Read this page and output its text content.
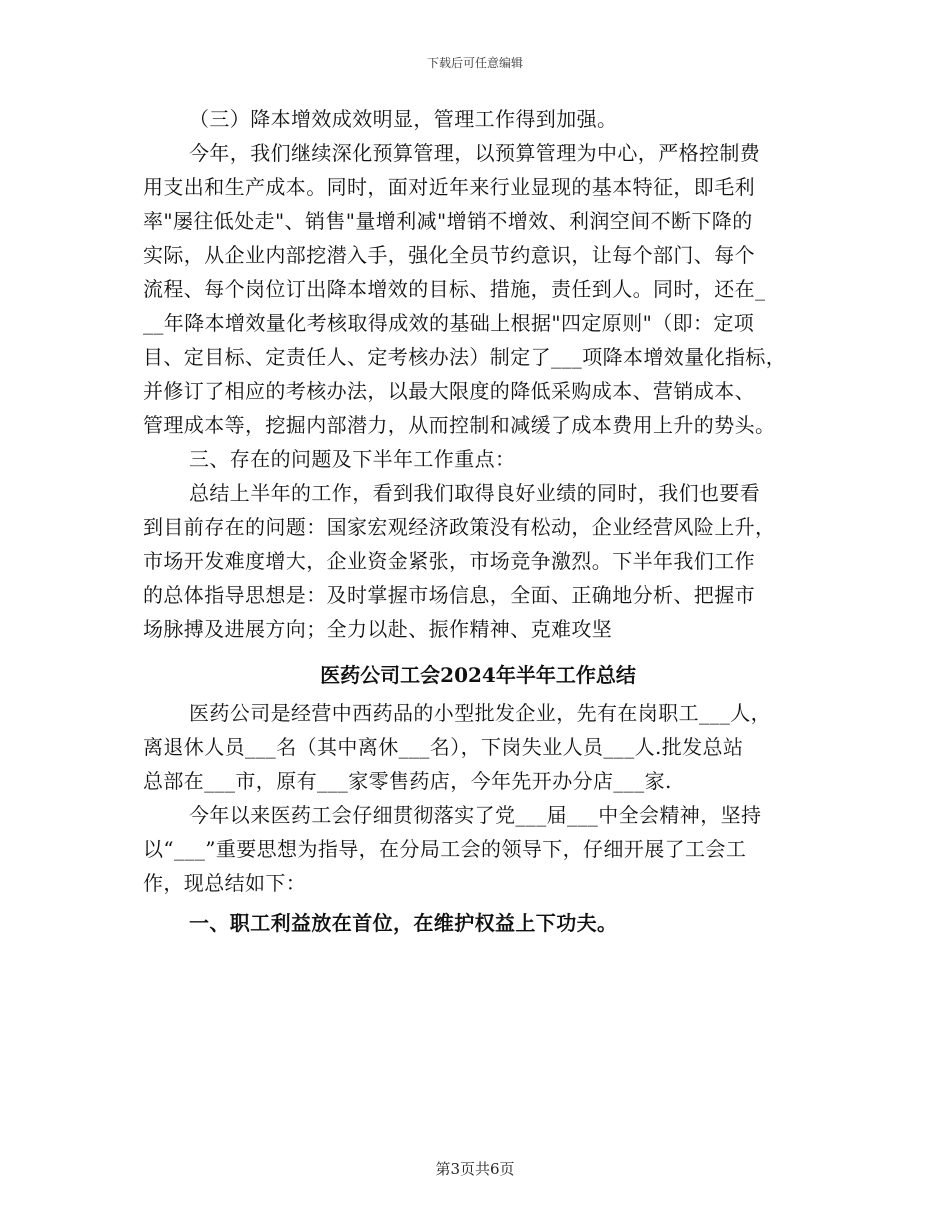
下载后可任意编辑
（三）降本增效成效明显，管理工作得到加强。
今年，我们继续深化预算管理，以预算管理为中心，严格控制费
用支出和生产成本。同时，面对近年来行业显现的基本特征，即毛利
率"屡往低处走"、销售"量增利减"增销不增效、利润空间不断下降的
实际，从企业内部挖潜入手，强化全员节约意识，让每个部门、每个
流程、每个岗位订出降本增效的目标、措施，责任到人。同时，还在_
__年降本增效量化考核取得成效的基础上根据"四定原则"（即：定项
目、定目标、定责任人、定考核办法）制定了___项降本增效量化指标，
并修订了相应的考核办法，以最大限度的降低采购成本、营销成本、
管理成本等，挖掘内部潜力，从而控制和减缓了成本费用上升的势头。
三、存在的问题及下半年工作重点：
总结上半年的工作，看到我们取得良好业绩的同时，我们也要看
到目前存在的问题：国家宏观经济政策没有松动，企业经营风险上升，
市场开发难度增大，企业资金紧张，市场竞争激烈。下半年我们工作
的总体指导思想是：及时掌握市场信息，全面、正确地分析、把握市
场脉搏及进展方向；全力以赴、振作精神、克难攻坚
医药公司工会2024年半年工作总结
医药公司是经营中西药品的小型批发企业，先有在岗职工___人，
离退休人员___名（其中离休___名），下岗失业人员___人.批发总站
总部在___市，原有___家零售药店，今年先开办分店___家.
今年以来医药工会仔细贯彻落实了党___届___中全会精神，坚持
以“___”重要思想为指导，在分局工会的领导下，仔细开展了工会工
作，现总结如下：
一、职工利益放在首位，在维护权益上下功夫。
第3页共6页
